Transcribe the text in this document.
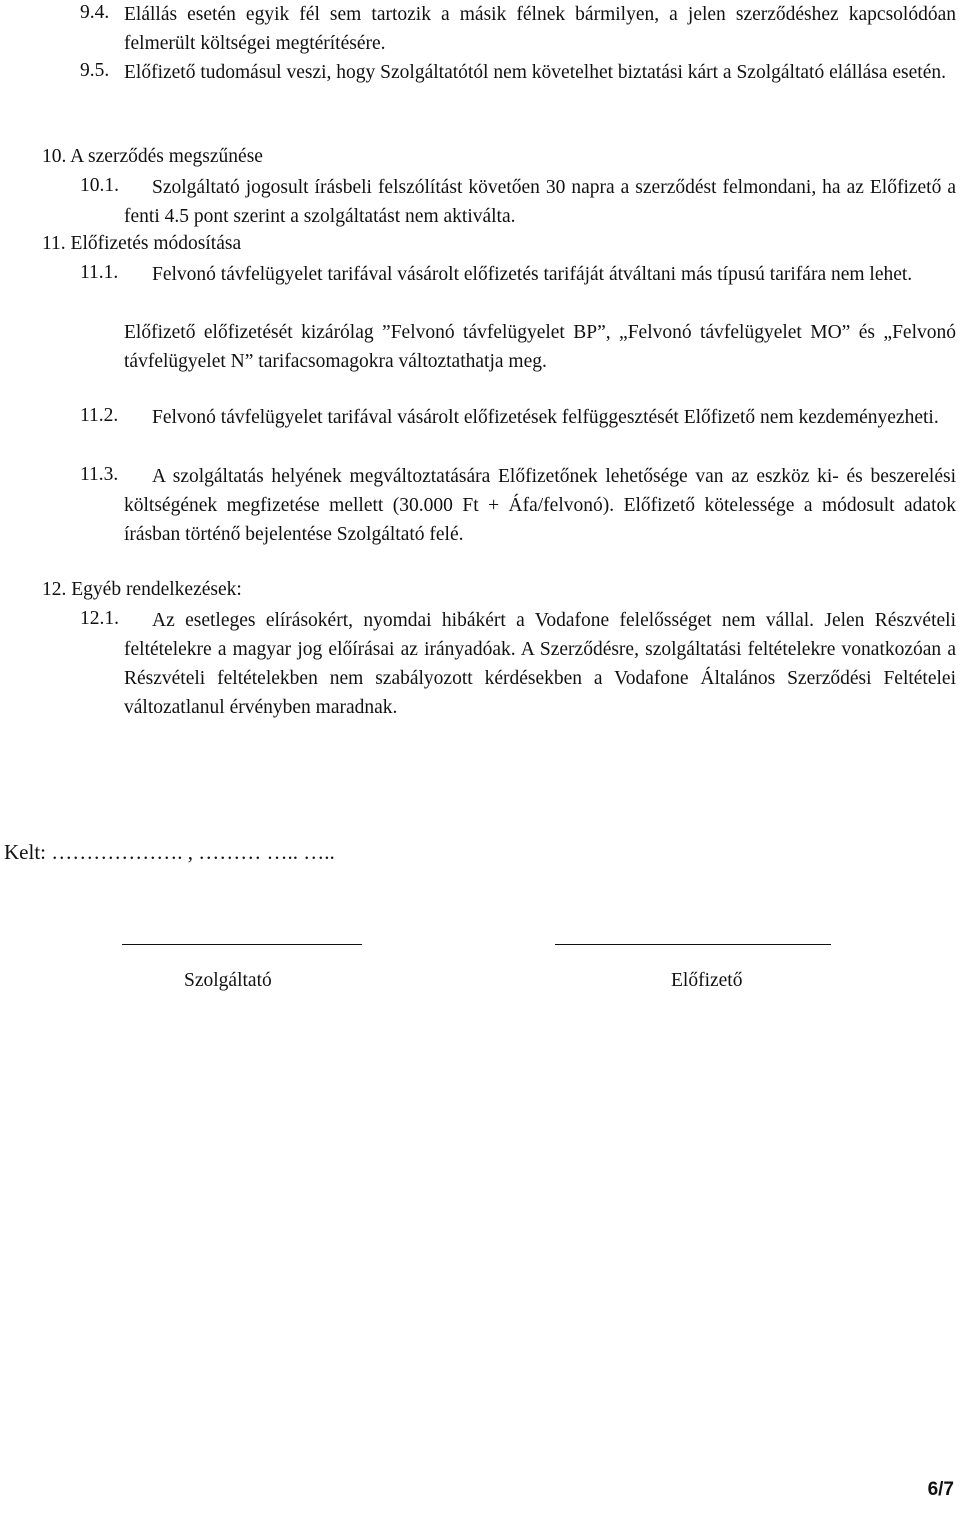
9.4. Elállás esetén egyik fél sem tartozik a másik félnek bármilyen, a jelen szerződéshez kapcsolódóan felmerült költségei megtérítésére.
9.5. Előfizető tudomásul veszi, hogy Szolgáltatótól nem követelhet biztatási kárt a Szolgáltató elállása esetén.
10. A szerződés megszűnése
10.1.	Szolgáltató jogosult írásbeli felszólítást követően 30 napra a szerződést felmondani, ha az Előfizető a fenti 4.5 pont szerint a szolgáltatást nem aktiválta.
11. Előfizetés módosítása
11.1.	Felvonó távfelügyelet tarifával vásárolt előfizetés tarifáját átváltani más típusú tarifára nem lehet.
Előfizető előfizetését kizárólag ”Felvonó távfelügyelet BP”, „Felvonó távfelügyelet MO” és „Felvonó távfelügyelet N” tarifacsomagokra változtathatja meg.
11.2.	Felvonó távfelügyelet tarifával vásárolt előfizetések felfüggesztését Előfizető nem kezdeményezheti.
11.3.	A szolgáltatás helyének megváltoztatására Előfizetőnek lehetősége van az eszköz ki- és beszerelési költségének megfizetése mellett (30.000 Ft + Áfa/felvonó). Előfizető kötelessége a módosult adatok írásban történő bejelentése Szolgáltató felé.
12. Egyéb rendelkezések:
12.1.	Az esetleges elírásokért, nyomdai hibákért a Vodafone felelősséget nem vállal. Jelen Részvételi feltételekre a magyar jog előírásai az irányadóak. A Szerződésre, szolgáltatási feltételekre vonatkozóan a Részvételi feltételekben nem szabályozott kérdésekben a Vodafone Általános Szerződési Feltételei változatlanul érvényben maradnak.
Kelt: ………………. , ……… ….. …..
Szolgáltató	Előfizető
6/7
